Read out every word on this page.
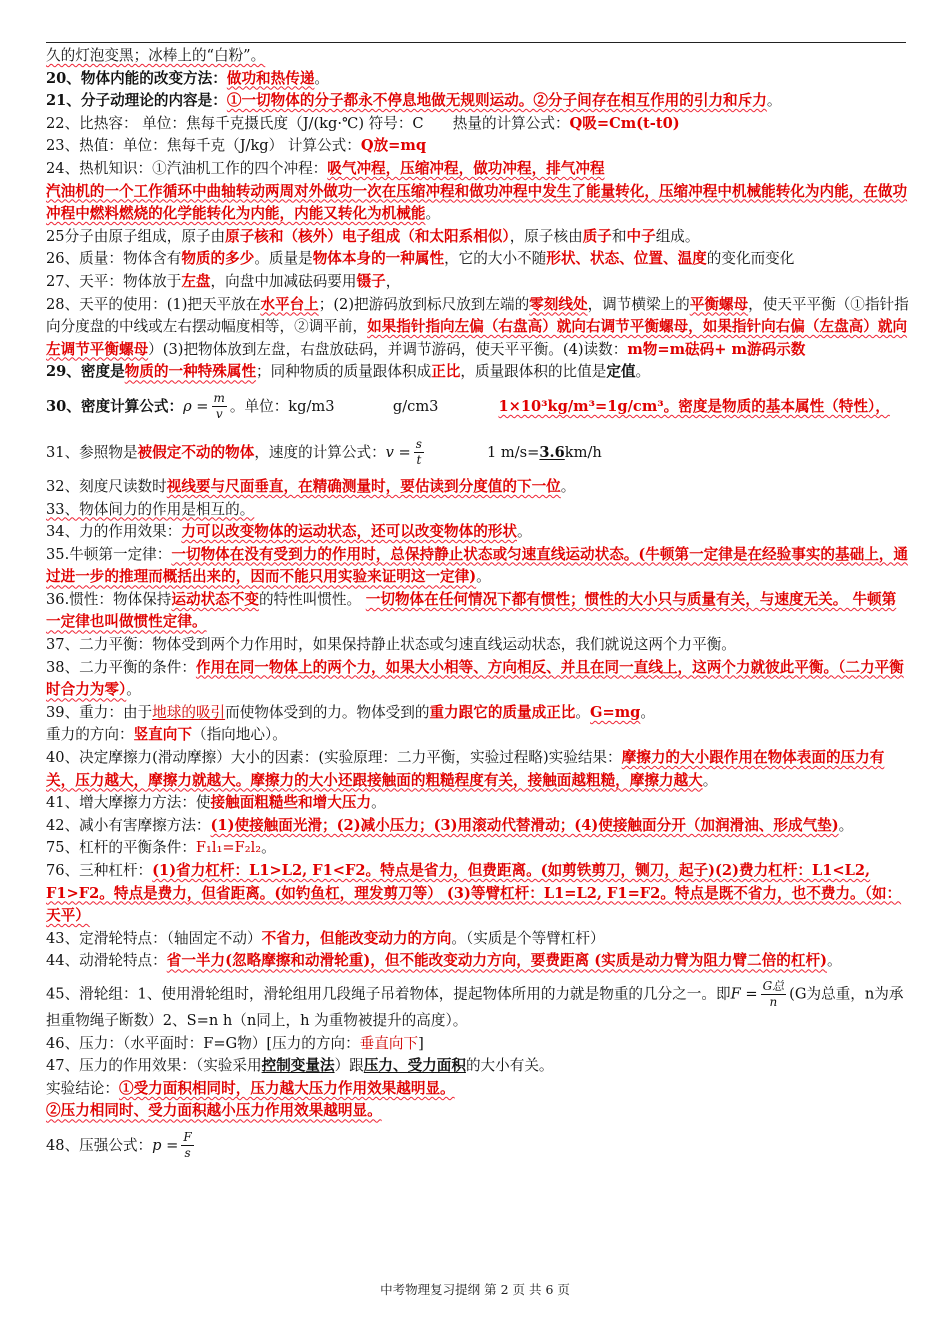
久的灯泡变黑；冰棒上的“白粉”。

20、物体内能的改变方法：做功和热传递。

21、分子动理论的内容是：①一切物体的分子都永不停息地做无规则运动。②分子间存在相互作用的引力和斥力。

22、比热容： 单位：焦每千克摄氏度（J/(kg·℃) 符号：C　　热量的计算公式：Q吸=Cm(t-t0)

23、热值：单位：焦每千克（J/kg） 计算公式：Q放=mq

24、热机知识：①汽油机工作的四个冲程：吸气冲程，压缩冲程，做功冲程，排气冲程
汽油机的一个工作循环中曲轴转动两周对外做功一次在压缩冲程和做功冲程中发生了能量转化，压缩冲程中机械能转化为内能，在做功冲程中燃料燃烧的化学能转化为内能，内能又转化为机械能。

25分子由原子组成，原子由原子核和（核外）电子组成（和太阳系相似），原子核由质子和中子组成。

26、质量：物体含有物质的多少。质量是物体本身的一种属性，它的大小不随形状、状态、位置、温度的变化而变化

27、天平：物体放于左盘，向盘中加减砝码要用镊子，

28、天平的使用：(1)把天平放在水平台上；(2)把游码放到标尺放到左端的零刻线处，调节横梁上的平衡螺母，使天平平衡（①指针指向分度盘的中线或左右摆动幅度相等，②调平前，如果指针指向左偏（右盘高）就向右调节平衡螺母，如果指针向右偏（左盘高）就向左调节平衡螺母）(3)把物体放到左盘，右盘放砝码，并调节游码，使天平平衡。(4)读数：m物=m砝码+ m游码示数

29、密度是物质的一种特殊属性；同种物质的质量跟体积成正比，质量跟体积的比值是定值。

30、密度计算公式：$\rho = \frac{m}{v}$ 。单位：kg/m3　　　　g/cm3	1×10³kg/m³=1g/cm³。密度是物质的基本属性（特性），

31、参照物是被假定不动的物体，速度的计算公式：$v = \frac{s}{t}$	1 m/s=3.6km/h

32、刻度尺读数时视线要与尺面垂直，在精确测量时，要估读到分度值的下一位。

33、物体间力的作用是相互的。

34、力的作用效果：力可以改变物体的运动状态，还可以改变物体的形状。

35.牛顿第一定律：一切物体在没有受到力的作用时，总保持静止状态或匀速直线运动状态。(牛顿第一定律是在经验事实的基础上，通过进一步的推理而概括出来的，因而不能只用实验来证明这一定律)。

36.惯性：物体保持运动状态不变的特性叫惯性。 一切物体在任何情况下都有惯性；惯性的大小只与质量有关，与速度无关。 牛顿第一定律也叫做惯性定律。

37、二力平衡：物体受到两个力作用时，如果保持静止状态或匀速直线运动状态，我们就说这两个力平衡。

38、二力平衡的条件：作用在同一物体上的两个力，如果大小相等、方向相反、并且在同一直线上，这两个力就彼此平衡。（二力平衡时合力为零）。

39、重力：由于地球的吸引而使物体受到的力。物体受到的重力跟它的质量成正比。G=mg。

重力的方向：竖直向下（指向地心）。

40、决定摩擦力(滑动摩擦）大小的因素：(实验原理：二力平衡，实验过程略)实验结果：摩擦力的大小跟作用在物体表面的压力有关，压力越大，摩擦力就越大。摩擦力的大小还跟接触面的粗糙程度有关，接触面越粗糙，摩擦力越大。

41、增大摩擦力方法：使接触面粗糙些和增大压力。

42、减小有害摩擦方法：(1)使接触面光滑；(2)减小压力；(3)用滚动代替滑动；(4)使接触面分开（加润滑油、形成气垫)。

75、杠杆的平衡条件：F₁l₁=F₂l₂。

76、三种杠杆：(1)省力杠杆：L1>L2, F1<F2。特点是省力，但费距离。(如剪铁剪刀，铡刀，起子)(2)费力杠杆：L1<L2, F1>F2。特点是费力，但省距离。(如钓鱼杠，理发剪刀等） (3)等臂杠杆：L1=L2, F1=F2。特点是既不省力，也不费力。（如：天平）

43、定滑轮特点：（轴固定不动）不省力，但能改变动力的方向。（实质是个等臂杠杆）

44、动滑轮特点：省一半力(忽略摩擦和动滑轮重)，但不能改变动力方向，要费距离 (实质是动力臂为阻力臂二倍的杠杆)。

45、滑轮组：1、使用滑轮组时，滑轮组用几段绳子吊着物体，提起物体所用的力就是物重的几分之一。即$F = \frac{\text{G总}}{n} (G$为总重，n为承担重物绳子断数）2、S=n h（n同上，h 为重物被提升的高度）。

46、压力：（水平面时：F=G物）[压力的方向：垂直向下]

47、压力的作用效果：（实验采用控制变量法）跟压力、受力面积的大小有关。

实验结论：①受力面积相同时，压力越大压力作用效果越明显。

②压力相同时、受力面积越小压力作用效果越明显。

48、压强公式：$p = \frac{F}{s}$

中考物理复习提纲 第 2 页 共 6 页
